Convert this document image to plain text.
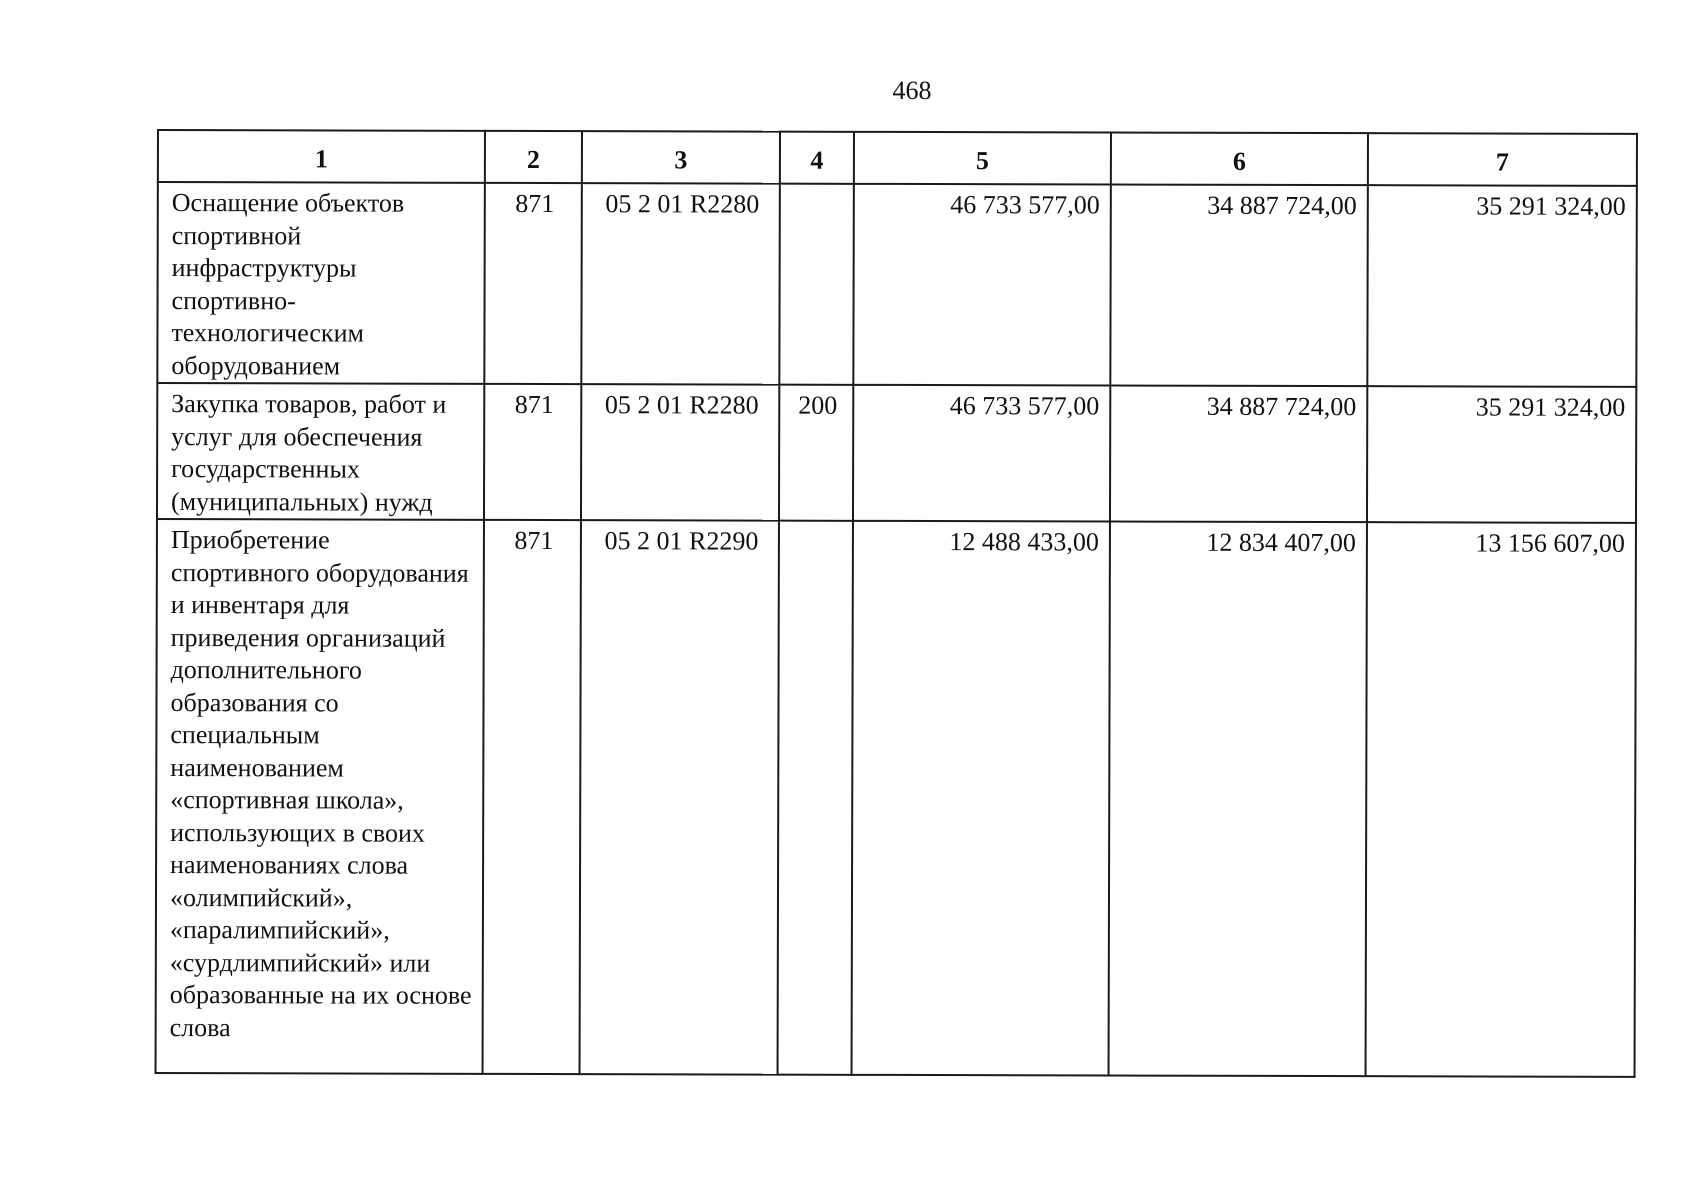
468
1	2	3	4	5	6	7
Оснащение объектов спортивной инфраструктуры спортивно-технологическим оборудованием	871	05 2 01 R2280		46 733 577,00	34 887 724,00	35 291 324,00
Закупка товаров, работ и услуг для обеспечения государственных (муниципальных) нужд	871	05 2 01 R2280	200	46 733 577,00	34 887 724,00	35 291 324,00
Приобретение спортивного оборудования и инвентаря для приведения организаций дополнительного образования со специальным наименованием «спортивная школа», использующих в своих наименованиях слова «олимпийский», «паралимпийский», «сурдлимпийский» или образованные на их основе слова	871	05 2 01 R2290		12 488 433,00	12 834 407,00	13 156 607,00
